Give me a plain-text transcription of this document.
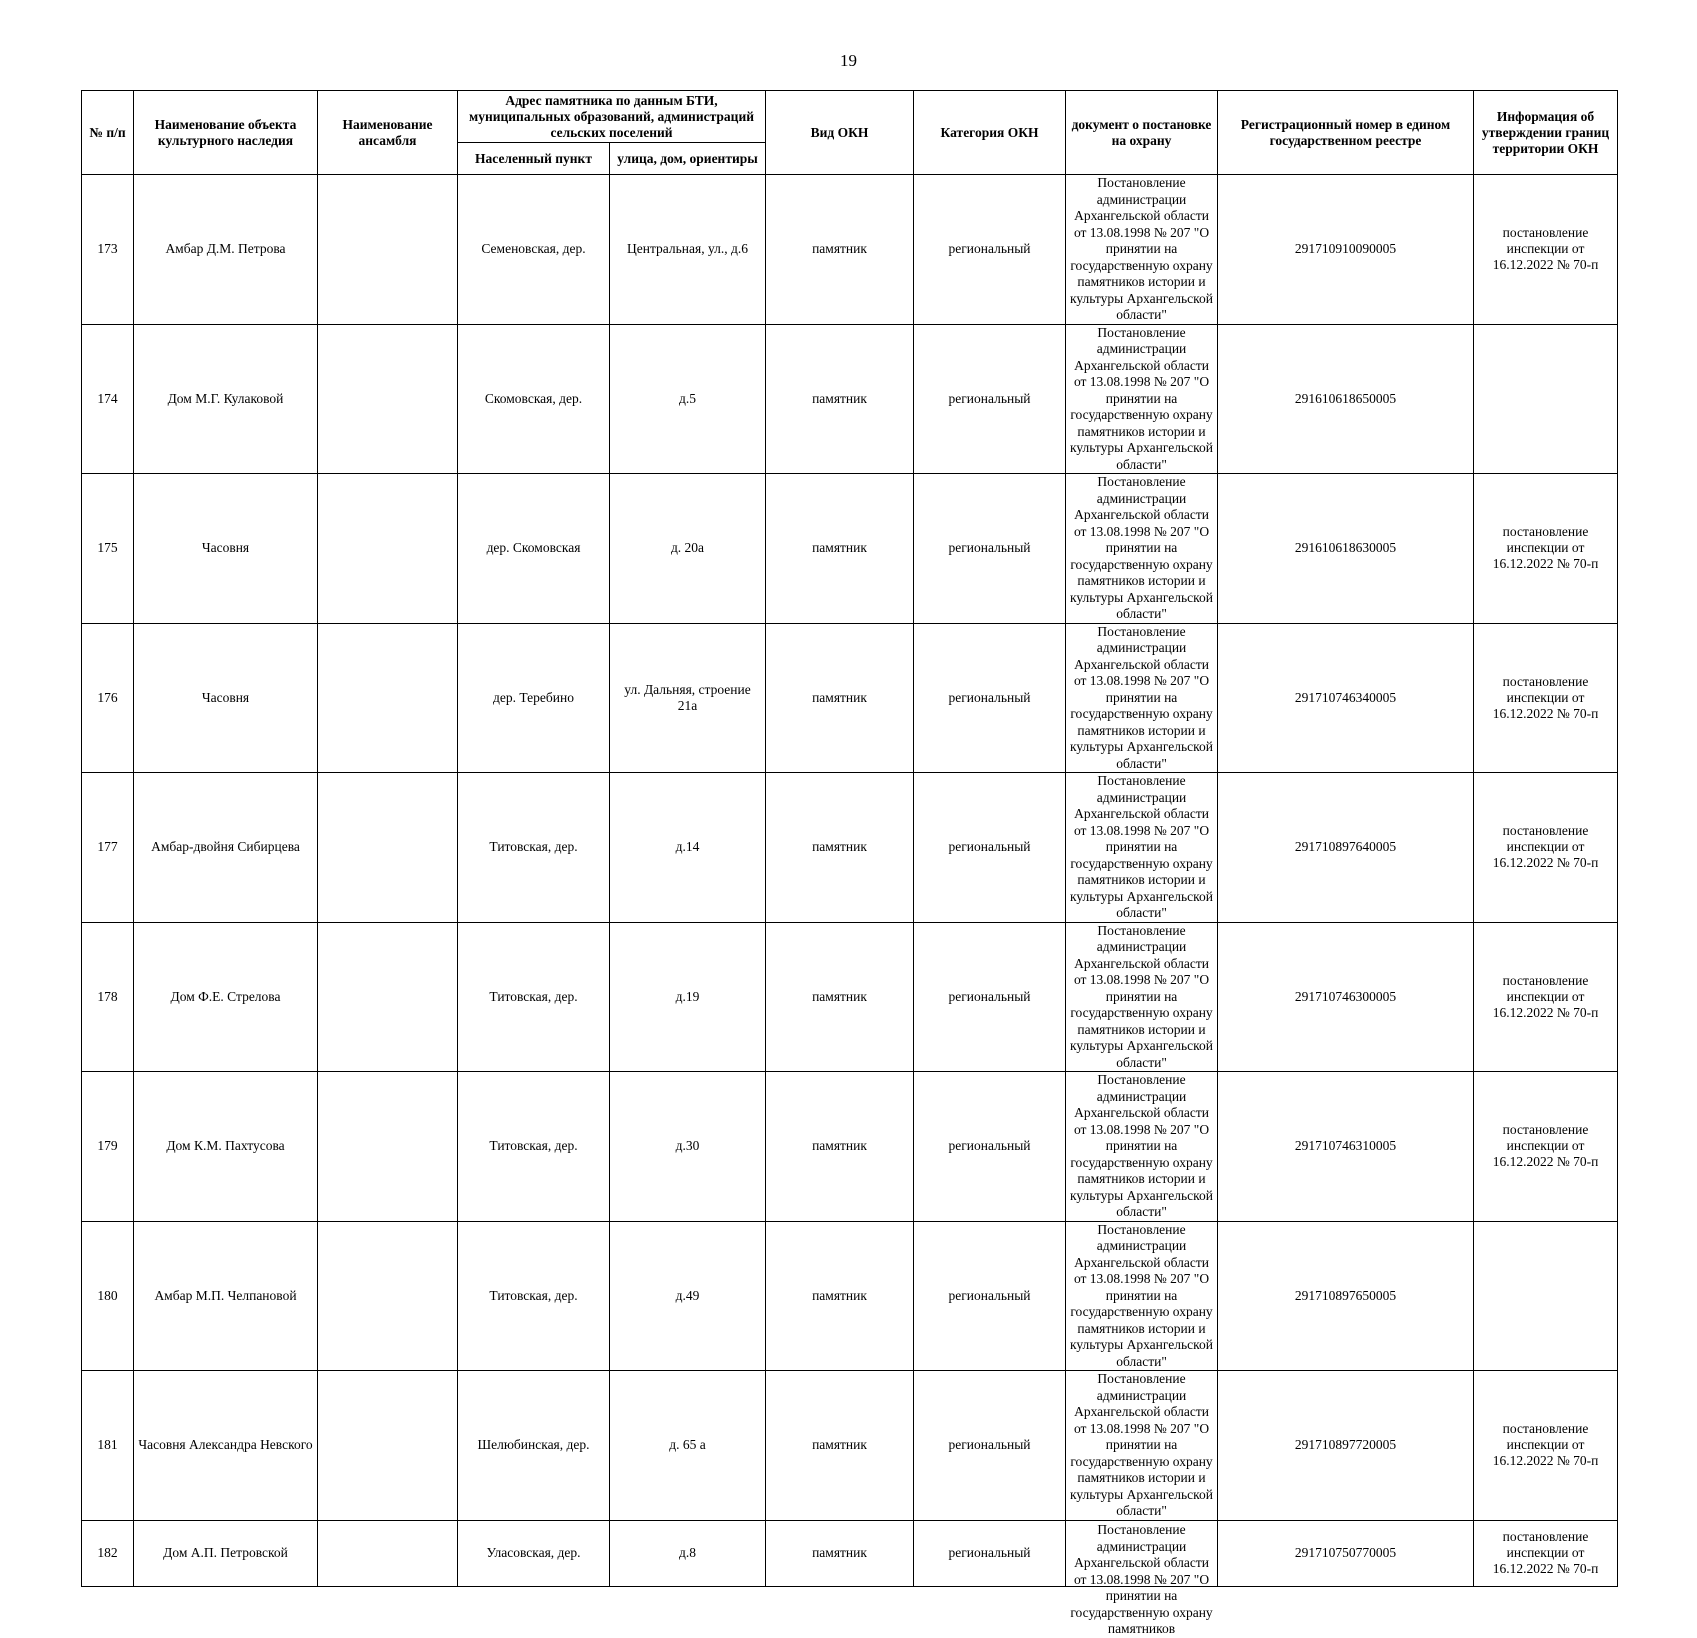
19
№ п/п	Наименование объекта культурного наследия	Наименование ансамбля	Адрес памятника по данным БТИ, муниципальных образований, администраций сельских поселений		Вид ОКН	Категория ОКН	документ о постановке на охрану	Регистрационный номер в едином государственном реестре	Информация об утверждении границ территории ОКН
			Населенный пункт	улица, дом, ориентиры					
173	Амбар Д.М. Петрова		Семеновская, дер.	Центральная, ул., д.6	памятник	региональный	Постановление администрации Архангельской области от 13.08.1998 № 207 "О принятии на государственную охрану памятников истории и культуры Архангельской области"	291710910090005	постановление инспекции от 16.12.2022 № 70-п
174	Дом М.Г. Кулаковой		Скомовская, дер.	д.5	памятник	региональный	Постановление администрации Архангельской области от 13.08.1998 № 207 "О принятии на государственную охрану памятников истории и культуры Архангельской области"	291610618650005	
175	Часовня		дер. Скомовская	д. 20а	памятник	региональный	Постановление администрации Архангельской области от 13.08.1998 № 207 "О принятии на государственную охрану памятников истории и культуры Архангельской области"	291610618630005	постановление инспекции от 16.12.2022 № 70-п
176	Часовня		дер. Теребино	ул. Дальняя, строение 21а	памятник	региональный	Постановление администрации Архангельской области от 13.08.1998 № 207 "О принятии на государственную охрану памятников истории и культуры Архангельской области"	291710746340005	постановление инспекции от 16.12.2022 № 70-п
177	Амбар-двойня Сибирцева		Титовская, дер.	д.14	памятник	региональный	Постановление администрации Архангельской области от 13.08.1998 № 207 "О принятии на государственную охрану памятников истории и культуры Архангельской области"	291710897640005	постановление инспекции от 16.12.2022 № 70-п
178	Дом Ф.Е. Стрелова		Титовская, дер.	д.19	памятник	региональный	Постановление администрации Архангельской области от 13.08.1998 № 207 "О принятии на государственную охрану памятников истории и культуры Архангельской области"	291710746300005	постановление инспекции от 16.12.2022 № 70-п
179	Дом К.М. Пахтусова		Титовская, дер.	д.30	памятник	региональный	Постановление администрации Архангельской области от 13.08.1998 № 207 "О принятии на государственную охрану памятников истории и культуры Архангельской области"	291710746310005	постановление инспекции от 16.12.2022 № 70-п
180	Амбар М.П. Челпановой		Титовская, дер.	д.49	памятник	региональный	Постановление администрации Архангельской области от 13.08.1998 № 207 "О принятии на государственную охрану памятников истории и культуры Архангельской области"	291710897650005	
181	Часовня Александра Невского		Шелюбинская, дер.	д. 65 а	памятник	региональный	Постановление администрации Архангельской области от 13.08.1998 № 207 "О принятии на государственную охрану памятников истории и культуры Архангельской области"	291710897720005	постановление инспекции от 16.12.2022 № 70-п
182	Дом А.П. Петровской		Уласовская, дер.	д.8	памятник	региональный	Постановление администрации Архангельской области от 13.08.1998 № 207 "О принятии на государственную охрану памятников	291710750770005	постановление инспекции от 16.12.2022 № 70-п
